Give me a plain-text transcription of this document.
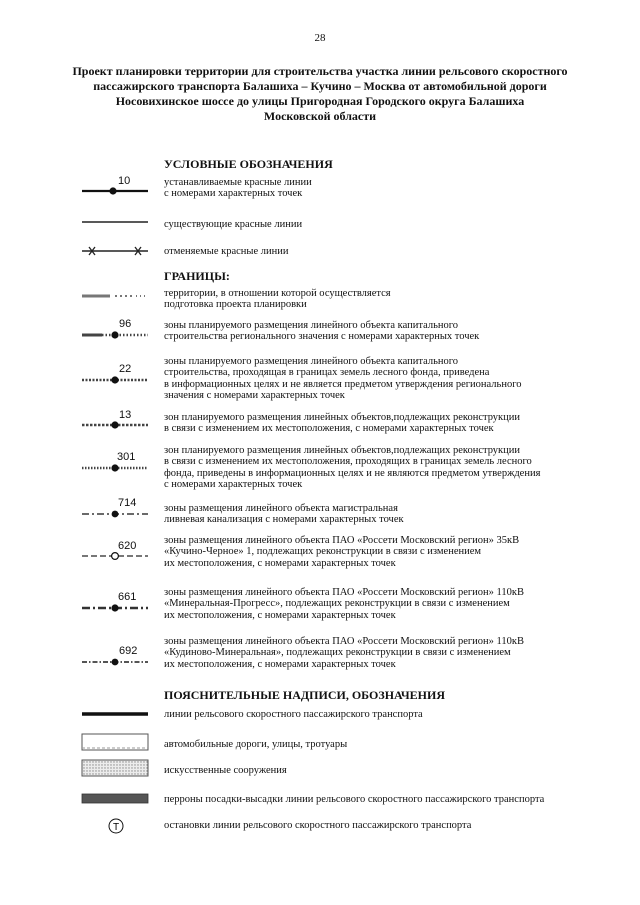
28
Проект планировки территории для строительства участка линии рельсового скоростного
пассажирского транспорта Балашиха – Кучино – Москва от автомобильной дороги
Носовихинское шоссе до улицы Пригородная Городского округа Балашиха
Московской области
УСЛОВНЫЕ ОБОЗНАЧЕНИЯ
10	устанавливаемые красные линии
с номерами характерных точек
существующие красные линии
отменяемые красные линии
ГРАНИЦЫ:
территории, в отношении которой осуществляется
подготовка проекта планировки
96	зоны планируемого размещения линейного объекта капитального
строительства регионального значения с номерами характерных точек
22
зоны планируемого размещения линейного объекта капитального
строительства, проходящая в границах земель лесного фонда, приведена
в информационных целях и не является предметом утверждения регионального
значения с номерами характерных точек
13	зон планируемого размещения линейных объектов,подлежащих реконструкции
в связи с изменением их местоположения, с номерами характерных точек
301
зон планируемого размещения линейных объектов,подлежащих реконструкции
в связи с изменением их местоположения, проходящих в границах земель лесного
фонда, приведены в информационных целях и не являются предметом утверждения
с номерами характерных точек
714	зоны размещения линейного объекта магистральная
ливневая канализация с номерами характерных точек
620	зоны размещения линейного объекта ПАО «Россети Московский регион» 35кВ
«Кучино-Черное» 1, подлежащих реконструкции в связи с изменением
их местоположения, с номерами характерных точек
661	зоны размещения линейного объекта ПАО «Россети Московский регион» 110кВ
«Минеральная-Прогресс», подлежащих реконструкции в связи с изменением
их местоположения, с номерами характерных точек
692
зоны размещения линейного объекта ПАО «Россети Московский регион» 110кВ
«Кудиново-Минеральная», подлежащих реконструкции в связи с изменением
их местоположения, с номерами характерных точек
ПОЯСНИТЕЛЬНЫЕ НАДПИСИ, ОБОЗНАЧЕНИЯ
линии рельсового скоростного пассажирского транспорта
автомобильные дороги, улицы, тротуары
искусственные сооружения
перроны посадки-высадки линии рельсового скоростного пассажирского транспорта
Т	остановки линии рельсового скоростного пассажирского транспорта
